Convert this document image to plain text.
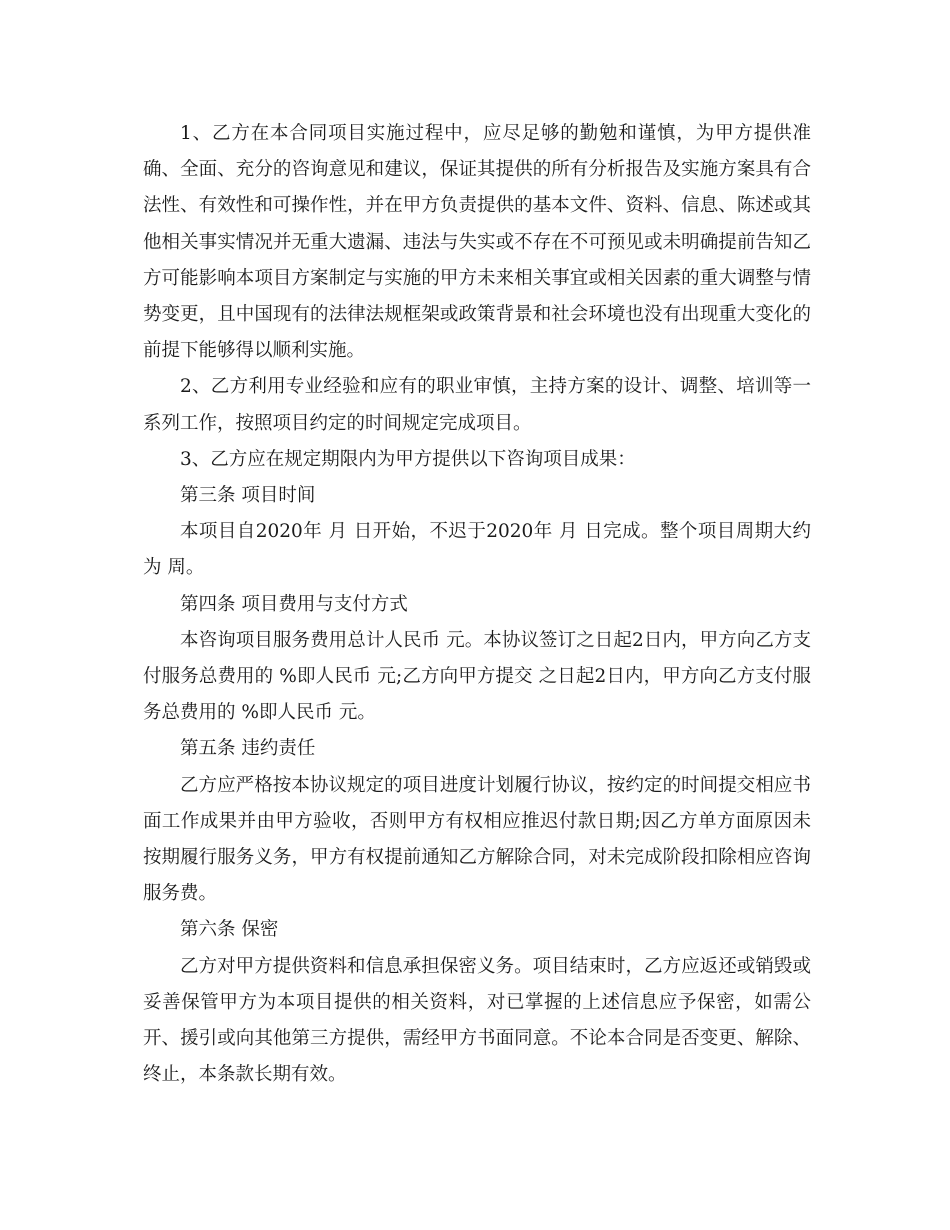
1、乙方在本合同项目实施过程中，应尽足够的勤勉和谨慎，为甲方提供准确、全面、充分的咨询意见和建议，保证其提供的所有分析报告及实施方案具有合法性、有效性和可操作性，并在甲方负责提供的基本文件、资料、信息、陈述或其他相关事实情况并无重大遗漏、违法与失实或不存在不可预见或未明确提前告知乙方可能影响本项目方案制定与实施的甲方未来相关事宜或相关因素的重大调整与情势变更，且中国现有的法律法规框架或政策背景和社会环境也没有出现重大变化的前提下能够得以顺利实施。

2、乙方利用专业经验和应有的职业审慎，主持方案的设计、调整、培训等一系列工作，按照项目约定的时间规定完成项目。

3、乙方应在规定期限内为甲方提供以下咨询项目成果：

第三条 项目时间

本项目自2020年 月 日开始，不迟于2020年 月 日完成。整个项目周期大约为 周。

第四条 项目费用与支付方式

本咨询项目服务费用总计人民币 元。本协议签订之日起2日内，甲方向乙方支付服务总费用的 %即人民币 元;乙方向甲方提交 之日起2日内，甲方向乙方支付服务总费用的 %即人民币 元。

第五条 违约责任

乙方应严格按本协议规定的项目进度计划履行协议，按约定的时间提交相应书面工作成果并由甲方验收，否则甲方有权相应推迟付款日期;因乙方单方面原因未按期履行服务义务，甲方有权提前通知乙方解除合同，对未完成阶段扣除相应咨询服务费。

第六条 保密

乙方对甲方提供资料和信息承担保密义务。项目结束时，乙方应返还或销毁或妥善保管甲方为本项目提供的相关资料，对已掌握的上述信息应予保密，如需公开、援引或向其他第三方提供，需经甲方书面同意。不论本合同是否变更、解除、终止，本条款长期有效。
